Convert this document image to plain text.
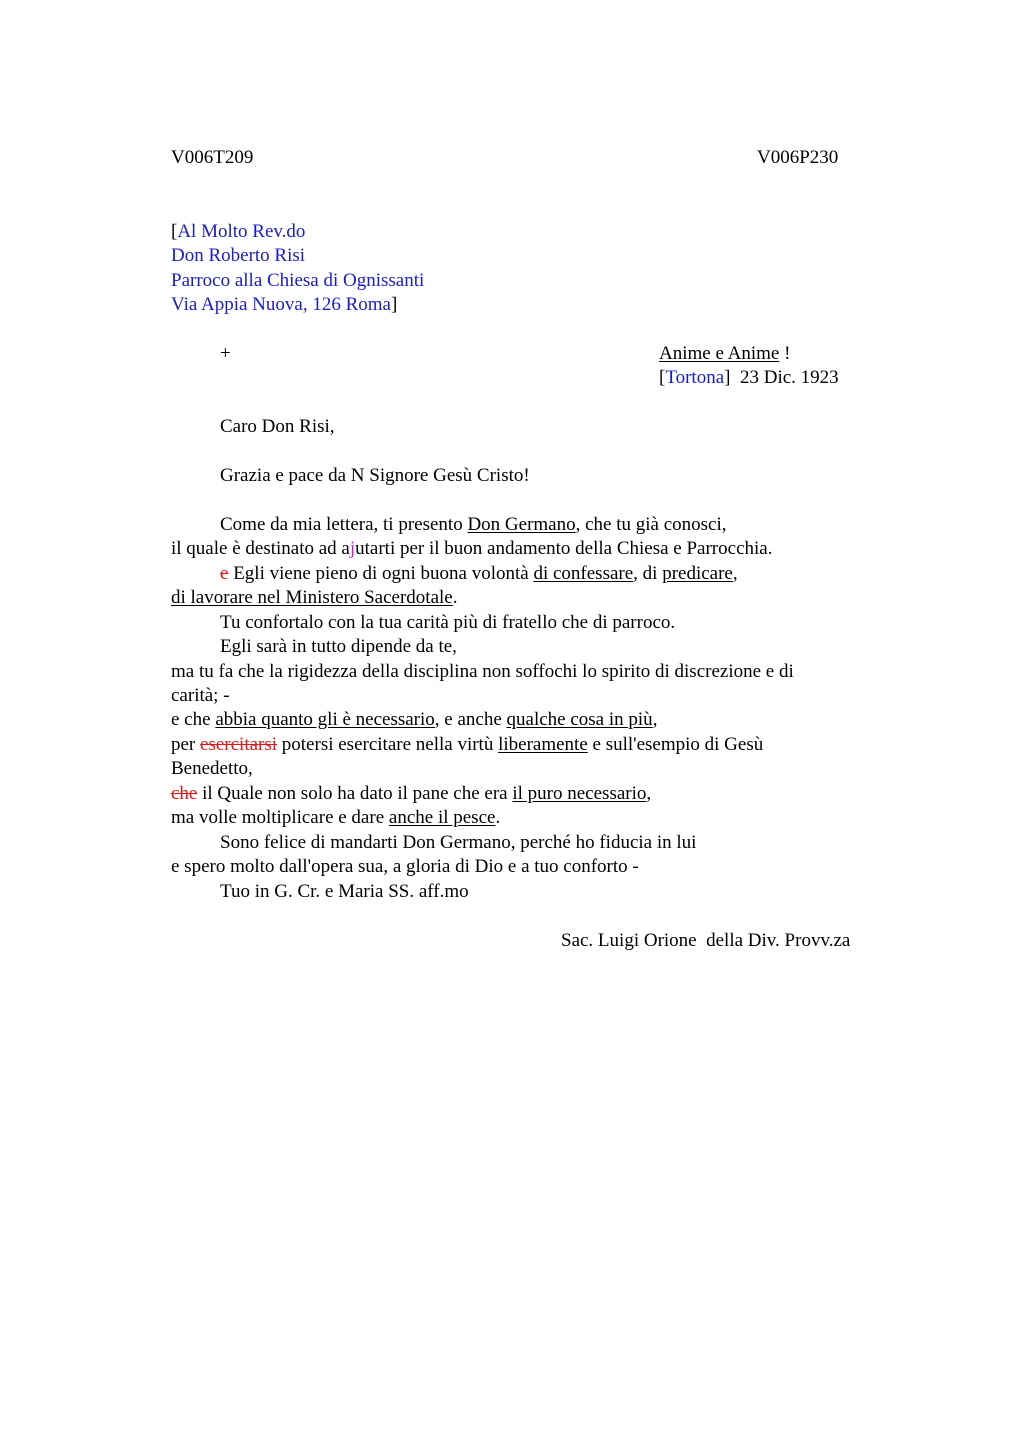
V006T209	V006P230
[Al Molto Rev.do
Don Roberto Risi
Parroco alla Chiesa di Ognissanti
Via Appia Nuova, 126 Roma]
+	Anime e Anime !
[Tortona]  23 Dic. 1923
Caro Don Risi,
Grazia e pace da N Signore Gesù Cristo!
Come da mia lettera, ti presento Don Germano, che tu già conosci,
il quale è destinato ad ajutarti per il buon andamento della Chiesa e Parrocchia.
e Egli viene pieno di ogni buona volontà di confessare, di predicare,
di lavorare nel Ministero Sacerdotale.
Tu confortalo con la tua carità più di fratello che di parroco.
Egli sarà in tutto dipende da te,
ma tu fa che la rigidezza della disciplina non soffochi lo spirito di discrezione e di
carità; -
e che abbia quanto gli è necessario, e anche qualche cosa in più,
per esercitarsi potersi esercitare nella virtù liberamente e sull'esempio di Gesù
Benedetto,
che il Quale non solo ha dato il pane che era il puro necessario,
ma volle moltiplicare e dare anche il pesce.
Sono felice di mandarti Don Germano, perché ho fiducia in lui
e spero molto dall'opera sua, a gloria di Dio e a tuo conforto -
Tuo in G. Cr. e Maria SS. aff.mo
Sac. Luigi Orione  della Div. Provv.za
